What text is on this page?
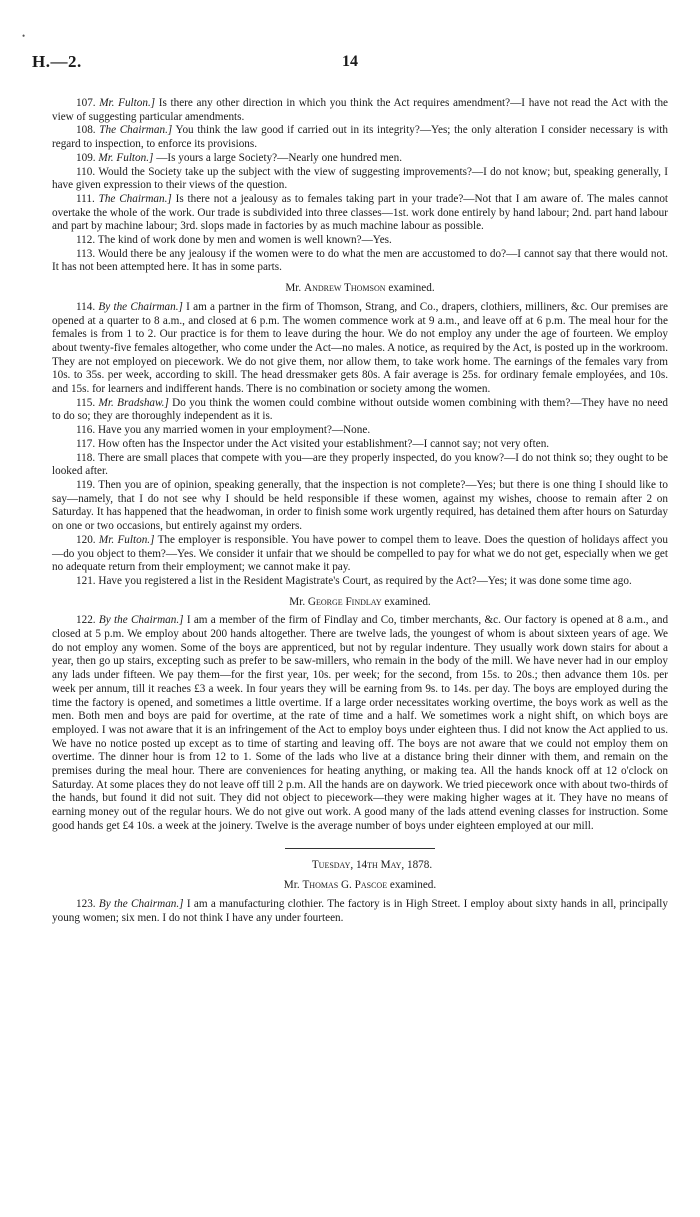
•
H.—2.	14

107. Mr. Fulton.] Is there any other direction in which you think the Act requires amendment?—I have not read the Act with the view of suggesting particular amendments.

108. The Chairman.] You think the law good if carried out in its integrity?—Yes; the only alteration I consider necessary is with regard to inspection, to enforce its provisions.

109. Mr. Fulton.] —Is yours a large Society?—Nearly one hundred men.

110. Would the Society take up the subject with the view of suggesting improvements?—I do not know; but, speaking generally, I have given expression to their views of the question.

111. The Chairman.] Is there not a jealousy as to females taking part in your trade?—Not that I am aware of. The males cannot overtake the whole of the work. Our trade is subdivided into three classes—1st. work done entirely by hand labour; 2nd. part hand labour and part by machine labour; 3rd. slops made in factories by as much machine labour as possible.

112. The kind of work done by men and women is well known?—Yes.

113. Would there be any jealousy if the women were to do what the men are accustomed to do?—I cannot say that there would not. It has not been attempted here. It has in some parts.

Mr. Andrew Thomson examined.

114. By the Chairman.] I am a partner in the firm of Thomson, Strang, and Co., drapers, clothiers, milliners, &c. Our premises are opened at a quarter to 8 a.m., and closed at 6 p.m. The women commence work at 9 a.m., and leave off at 6 p.m. The meal hour for the females is from 1 to 2. Our practice is for them to leave during the hour. We do not employ any under the age of fourteen. We employ about twenty-five females altogether, who come under the Act—no males. A notice, as required by the Act, is posted up in the workroom. They are not employed on piecework. We do not give them, nor allow them, to take work home. The earnings of the females vary from 10s. to 35s. per week, according to skill. The head dressmaker gets 80s. A fair average is 25s. for ordinary female employées, and 10s. and 15s. for learners and indifferent hands. There is no combination or society among the women.

115. Mr. Bradshaw.] Do you think the women could combine without outside women combining with them?—They have no need to do so; they are thoroughly independent as it is.

116. Have you any married women in your employment?—None.

117. How often has the Inspector under the Act visited your establishment?—I cannot say; not very often.

118. There are small places that compete with you—are they properly inspected, do you know?—I do not think so; they ought to be looked after.

119. Then you are of opinion, speaking generally, that the inspection is not complete?—Yes; but there is one thing I should like to say—namely, that I do not see why I should be held responsible if these women, against my wishes, choose to remain after 2 on Saturday. It has happened that the headwoman, in order to finish some work urgently required, has detained them after hours on Saturday on one or two occasions, but entirely against my orders.

120. Mr. Fulton.] The employer is responsible. You have power to compel them to leave. Does the question of holidays affect you—do you object to them?—Yes. We consider it unfair that we should be compelled to pay for what we do not get, especially when we get no adequate return from their employment; we cannot make it pay.

121. Have you registered a list in the Resident Magistrate's Court, as required by the Act?—Yes; it was done some time ago.

Mr. George Findlay examined.

122. By the Chairman.] I am a member of the firm of Findlay and Co, timber merchants, &c. Our factory is opened at 8 a.m., and closed at 5 p.m. We employ about 200 hands altogether. There are twelve lads, the youngest of whom is about sixteen years of age. We do not employ any women. Some of the boys are apprenticed, but not by regular indenture. They usually work down stairs for about a year, then go up stairs, excepting such as prefer to be saw-millers, who remain in the body of the mill. We have never had in our employ any lads under fifteen. We pay them—for the first year, 10s. per week; for the second, from 15s. to 20s.; then advance them 10s. per week per annum, till it reaches £3 a week. In four years they will be earning from 9s. to 14s. per day. The boys are employed during the time the factory is opened, and sometimes a little overtime. If a large order necessitates working overtime, the boys work as well as the men. Both men and boys are paid for overtime, at the rate of time and a half. We sometimes work a night shift, on which boys are employed. I was not aware that it is an infringement of the Act to employ boys under eighteen thus. I did not know the Act applied to us. We have no notice posted up except as to time of starting and leaving off. The boys are not aware that we could not employ them on overtime. The dinner hour is from 12 to 1. Some of the lads who live at a distance bring their dinner with them, and remain on the premises during the meal hour. There are conveniences for heating anything, or making tea. All the hands knock off at 12 o'clock on Saturday. At some places they do not leave off till 2 p.m. All the hands are on daywork. We tried piecework once with about two-thirds of the hands, but found it did not suit. They did not object to piecework—they were making higher wages at it. They have no means of earning money out of the regular hours. We do not give out work. A good many of the lads attend evening classes for instruction. Some good hands get £4 10s. a week at the joinery. Twelve is the average number of boys under eighteen employed at our mill.

Tuesday, 14th May, 1878.

Mr. Thomas G. Pascoe examined.

123. By the Chairman.] I am a manufacturing clothier. The factory is in High Street. I employ about sixty hands in all, principally young women; six men. I do not think I have any under fourteen.
